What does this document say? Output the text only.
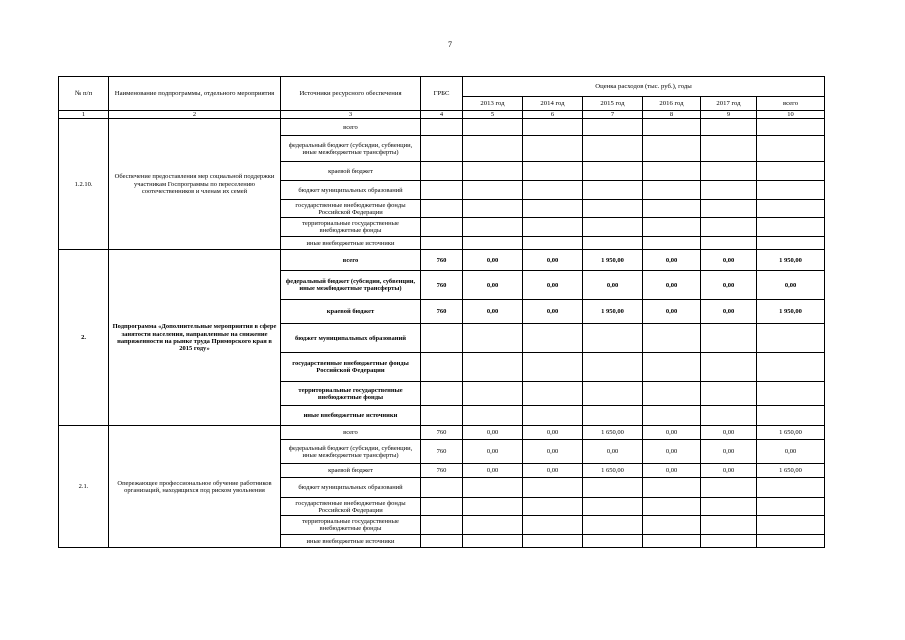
7
№ п/п	Наименование подпрограммы, отдельного мероприятия	Источники ресурсного обеспечения	ГРБС	Оценка расходов (тыс. руб.), годы					
				2013 год	2014 год	2015 год	2016 год	2017 год	всего
1	2	3	4	5	6	7	8	9	10
1.2.10.	Обеспечение предоставления мер социальной поддержки участникам Госпрограммы по переселению соотечественников и членам их семей	всего							
		федеральный бюджет (субсидии, субвенции, иные межбюджетные трансферты)							
		краевой бюджет							
		бюджет муниципальных образований							
		государственные внебюджетные фонды Российской Федерации							
		территориальные государственные внебюджетные фонды							
		иные внебюджетные источники							
2.	Подпрограмма «Дополнительные мероприятия в сфере занятости населения, направленные на снижение напряженности на рынке труда Приморского края в 2015 году»	всего	760	0,00	0,00	1 950,00	0,00	0,00	1 950,00
		федеральный бюджет (субсидии, субвенции, иные межбюджетные трансферты)	760	0,00	0,00	0,00	0,00	0,00	0,00
		краевой бюджет	760	0,00	0,00	1 950,00	0,00	0,00	1 950,00
		бюджет муниципальных образований							
		государственные внебюджетные фонды Российской Федерации							
		территориальные государственные внебюджетные фонды							
		иные внебюджетные источники							
2.1.	Опережающее профессиональное обучение работников организаций, находящихся под риском увольнения	всего	760	0,00	0,00	1 650,00	0,00	0,00	1 650,00
		федеральный бюджет (субсидии, субвенции, иные межбюджетные трансферты)	760	0,00	0,00	0,00	0,00	0,00	0,00
		краевой бюджет	760	0,00	0,00	1 650,00	0,00	0,00	1 650,00
		бюджет муниципальных образований							
		государственные внебюджетные фонды Российской Федерации							
		территориальные государственные внебюджетные фонды							
		иные внебюджетные источники							
